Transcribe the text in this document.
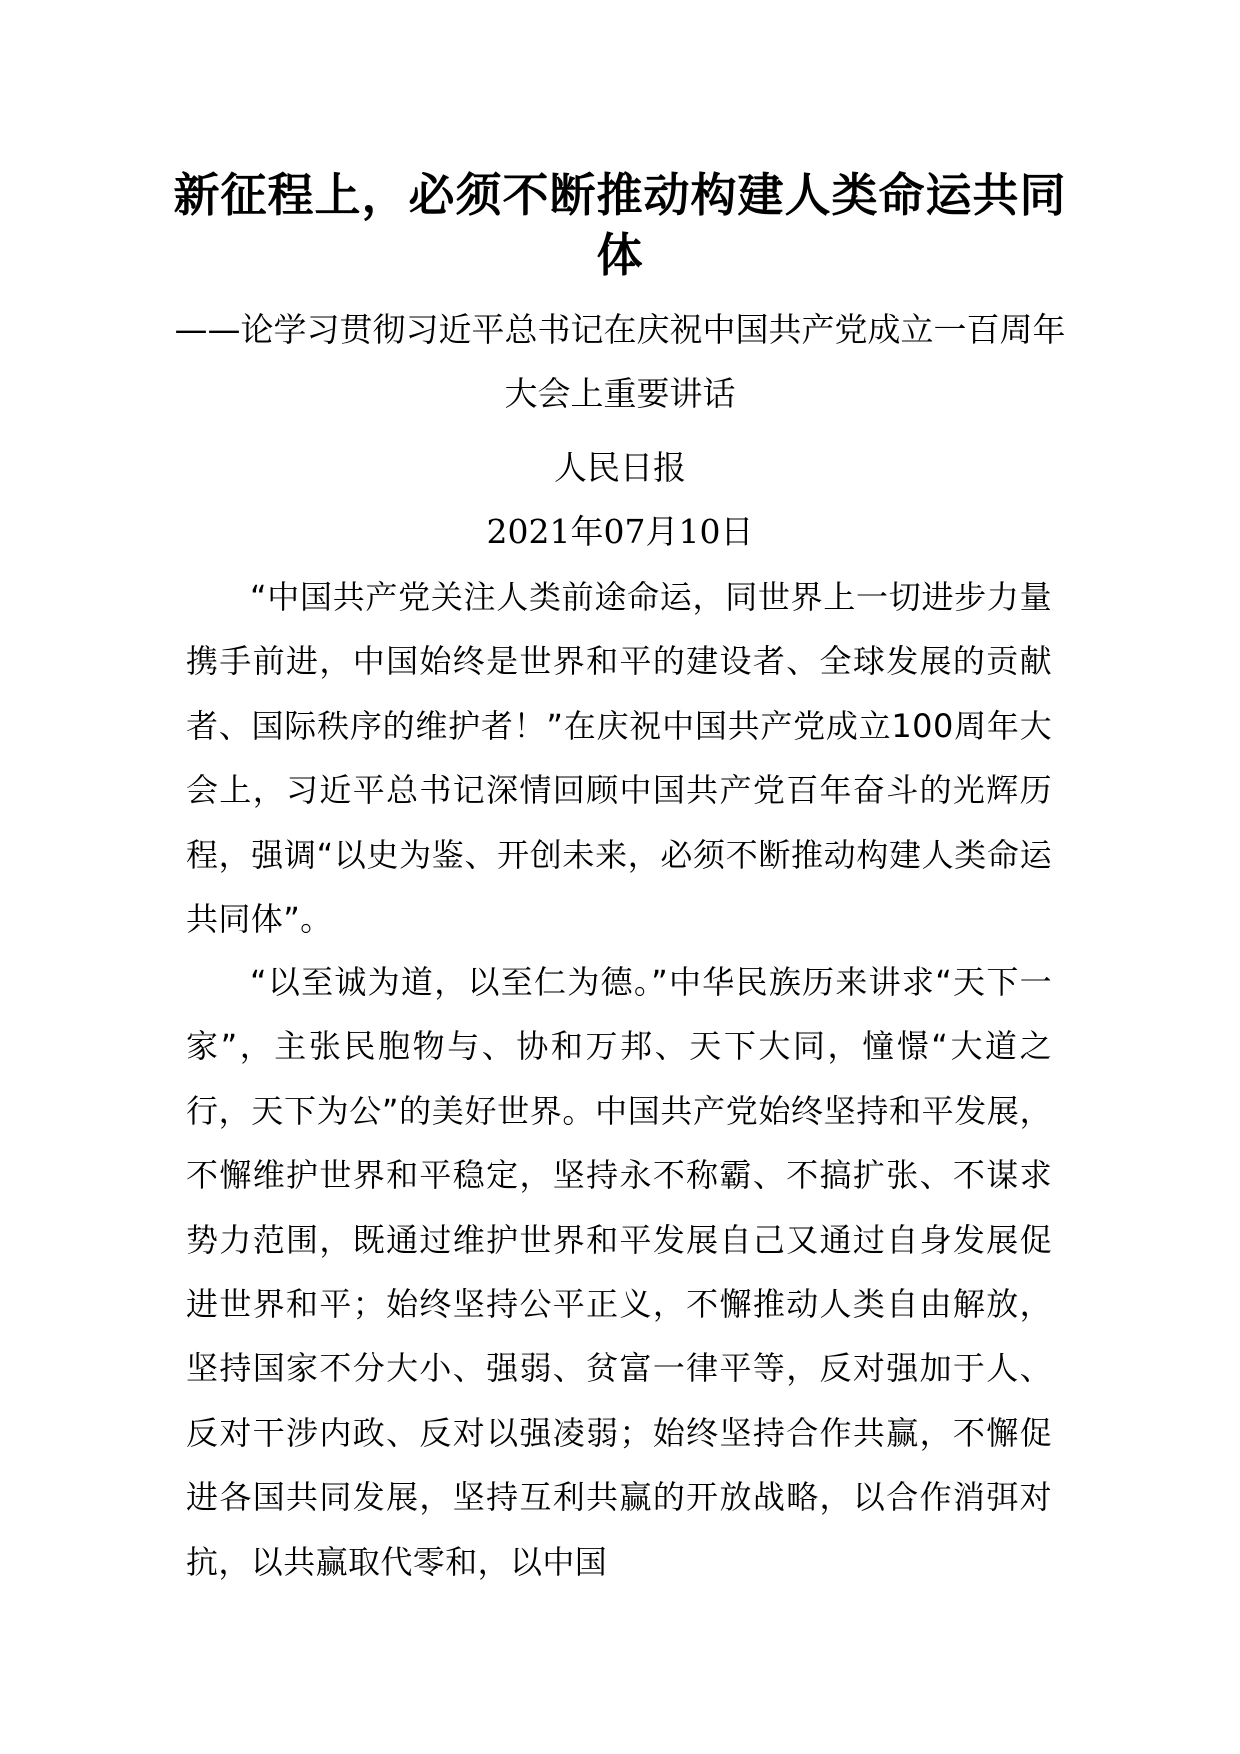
新征程上，必须不断推动构建人类命运共同体

——论学习贯彻习近平总书记在庆祝中国共产党成立一百周年大会上重要讲话

人民日报

2021年07月10日

“中国共产党关注人类前途命运，同世界上一切进步力量携手前进，中国始终是世界和平的建设者、全球发展的贡献者、国际秩序的维护者！”在庆祝中国共产党成立100周年大会上，习近平总书记深情回顾中国共产党百年奋斗的光辉历程，强调“以史为鉴、开创未来，必须不断推动构建人类命运共同体”。

“以至诚为道，以至仁为德。”中华民族历来讲求“天下一家”，主张民胞物与、协和万邦、天下大同，憧憬“大道之行，天下为公”的美好世界。中国共产党始终坚持和平发展，不懈维护世界和平稳定，坚持永不称霸、不搞扩张、不谋求势力范围，既通过维护世界和平发展自己又通过自身发展促进世界和平；始终坚持公平正义，不懈推动人类自由解放，坚持国家不分大小、强弱、贫富一律平等，反对强加于人、反对干涉内政、反对以强凌弱；始终坚持合作共赢，不懈促进各国共同发展，坚持互利共赢的开放战略，以合作消弭对抗，以共赢取代零和，以中国
